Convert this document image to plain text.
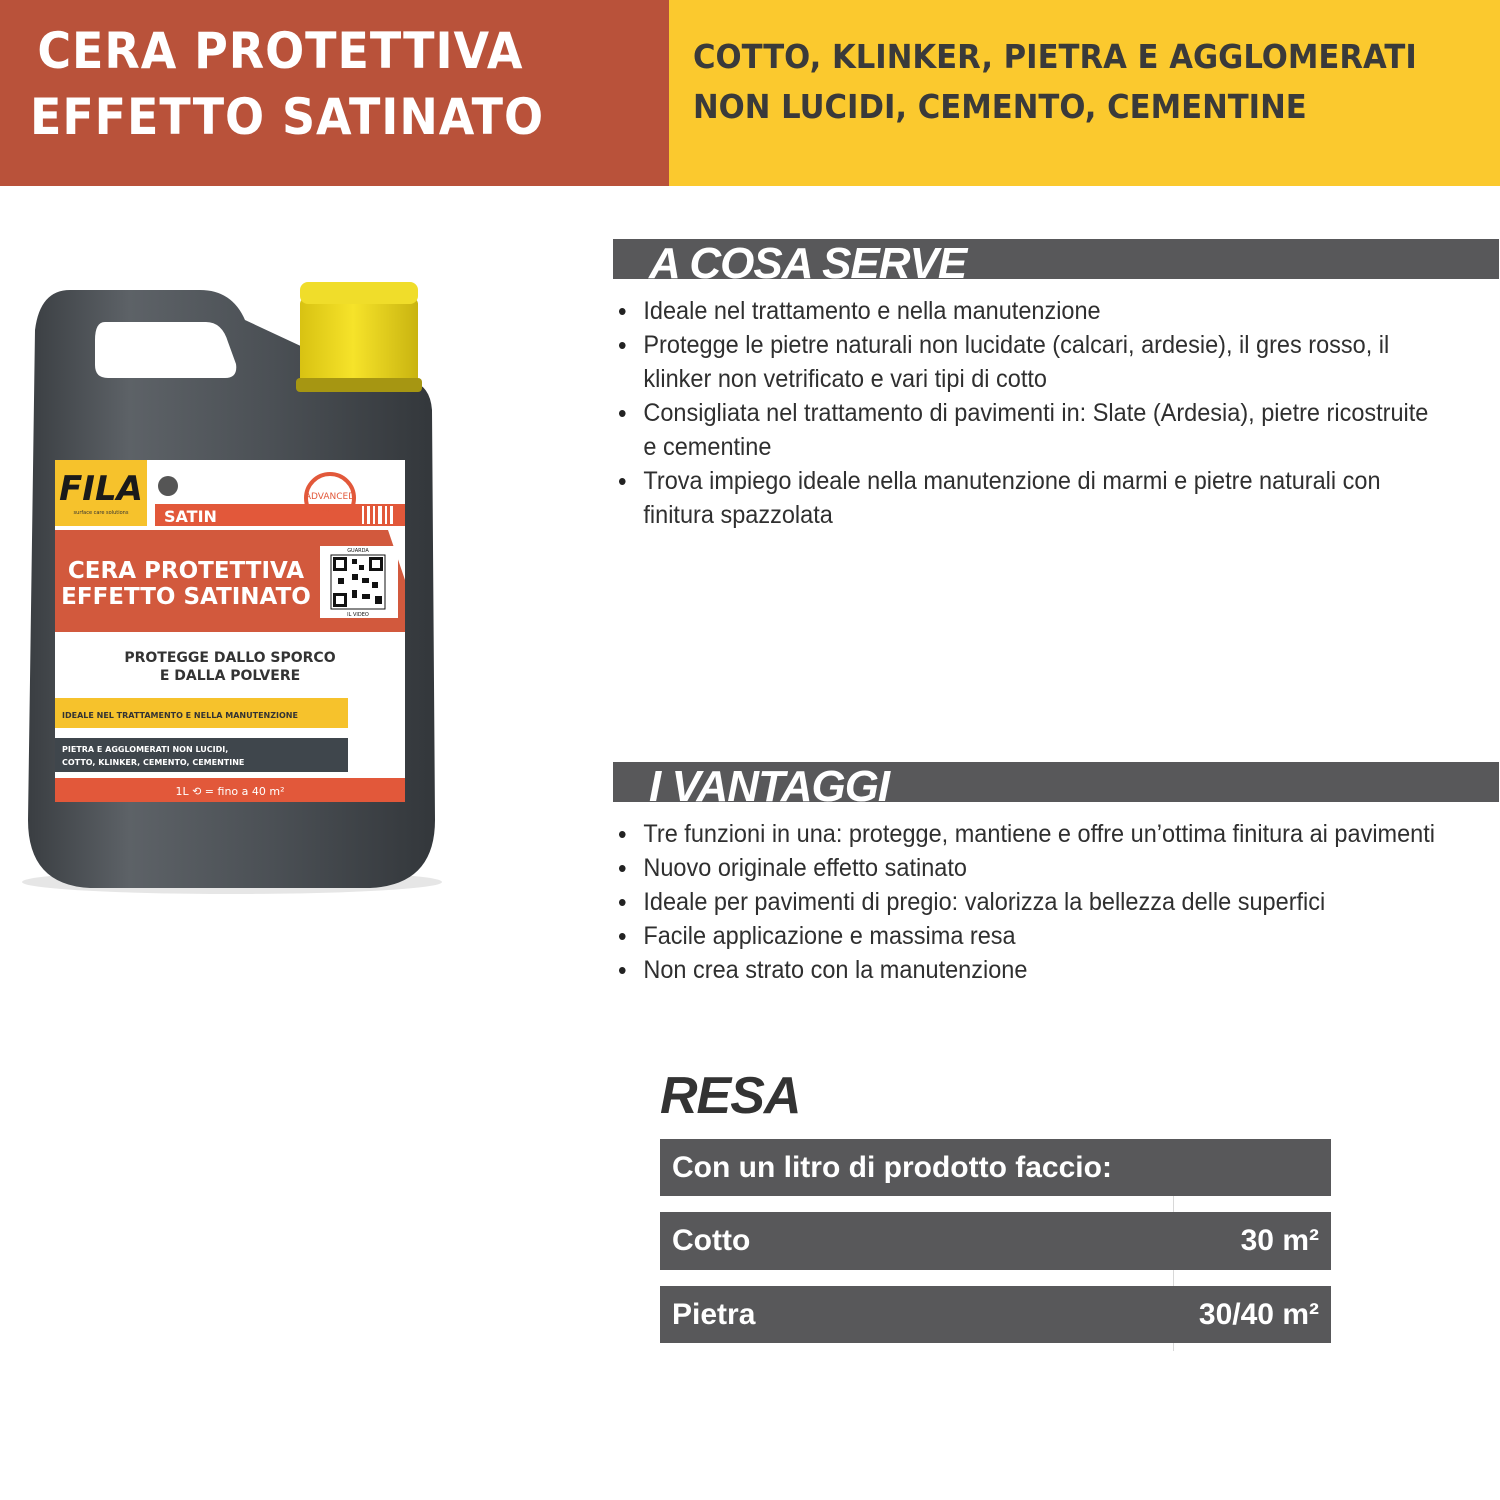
CERA PROTETTIVA
EFFETTO SATINATO
COTTO, KLINKER, PIETRA E AGGLOMERATI
NON LUCIDI, CEMENTO, CEMENTINE
FILA
surface care solutions SATIN
ADVANCED
FORMULA
CERA PROTETTIVA
EFFETTO SATINATO
GUARDA
IL VIDEO
PROTEGGE DALLO SPORCO
E DALLA POLVERE
IDEALE NEL TRATTAMENTO E NELLA MANUTENZIONE
PIETRA E AGGLOMERATI NON LUCIDI,
COTTO, KLINKER, CEMENTO, CEMENTINE
1L ⟲ = fino a 40 m²
A COSA SERVE
• Ideale nel trattamento e nella manutenzione
• Protegge le pietre naturali non lucidate (calcari, ardesie), il gres rosso, il klinker non vetrificato e vari tipi di cotto
• Consigliata nel trattamento di pavimenti in: Slate (Ardesia), pietre ricostruite e cementine
• Trova impiego ideale nella manutenzione di marmi e pietre naturali con finitura spazzolata
I VANTAGGI
• Tre funzioni in una: protegge, mantiene e offre un’ottima finitura ai pavimenti
• Nuovo originale effetto satinato
• Ideale per pavimenti di pregio: valorizza la bellezza delle superfici
• Facile applicazione e massima resa
• Non crea strato con la manutenzione
RESA
Con un litro di prodotto faccio:
Cotto	30 m²
Pietra	30/40 m²
